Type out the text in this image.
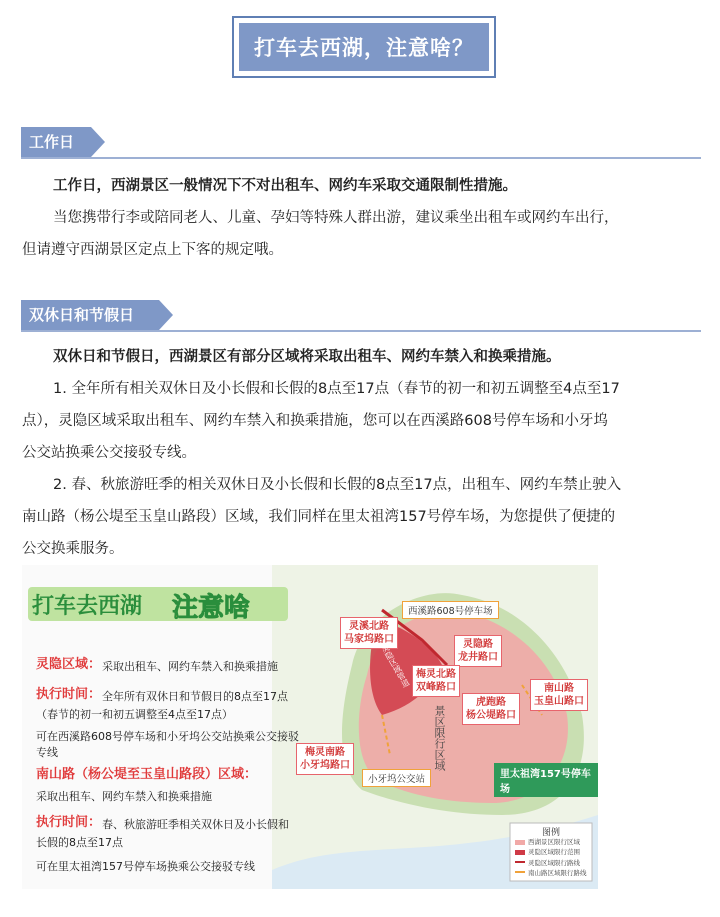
打车去西湖，注意啥？
工作日

工作日，西湖景区一般情况下不对出租车、网约车采取交通限制性措施。

当您携带行李或陪同老人、儿童、孕妇等特殊人群出游，建议乘坐出租车或网约车出行，

但请遵守西湖景区定点上下客的规定哦。

双休日和节假日

双休日和节假日，西湖景区有部分区域将采取出租车、网约车禁入和换乘措施。

1. 全年所有相关双休日及小长假和长假的8点至17点（春节的初一和初五调整至4点至17

点），灵隐区域采取出租车、网约车禁入和换乘措施，您可以在西溪路608号停车场和小牙坞

公交站换乘公交接驳专线。

2. 春、秋旅游旺季的相关双休日及小长假和长假的8点至17点，出租车、网约车禁止驶入

南山路（杨公堤至玉皇山路段）区域，我们同样在里太祖湾157号停车场，为您提供了便捷的

公交换乘服务。

打车去西湖 注意啥
灵隐区域： 采取出租车、网约车禁入和换乘措施
执行时间： 全年所有双休日和节假日的8点至17点
（春节的初一和初五调整至4点至17点）
可在西溪路608号停车场和小牙坞公交站换乘公交接驳
专线
南山路（杨公堤至玉皇山路段）区域：
采取出租车、网约车禁入和换乘措施
执行时间： 春、秋旅游旺季相关双休日及小长假和
长假的8点至17点
可在里太祖湾157号停车场换乘公交接驳专线
西溪路608号停车场
灵溪北路
马家坞路口	灵隐路
龙井路口
梅灵北路
双峰路口
虎跑路
杨公堤路口
南山路
玉皇山路口
梅灵南路
小牙坞路口
小牙坞公交站	里太祖湾157号停车场
景区限行区域
灵隐区域管道
图例
西湖景区限行区域
灵隐区域限行范围
灵隐区域限行路线
南山路区域限行路线
